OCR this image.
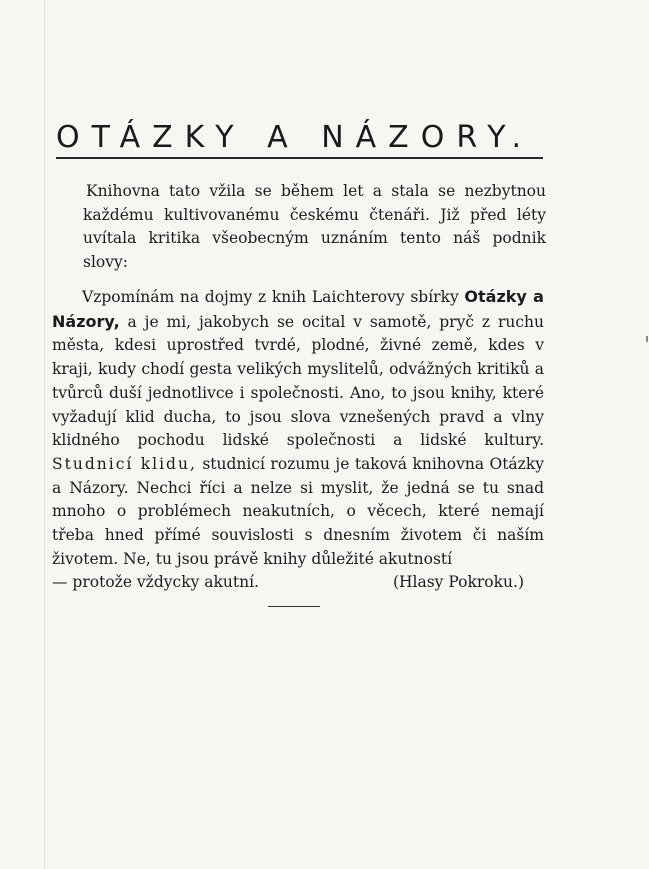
OTÁZKY A NÁZORY.

Knihovna tato vžila se během let a stala se nezbytnou každému kultivovanému českému čtenáři. Již před léty uvítala kritika všeobecným uznáním tento náš podnik slovy:

Vzpomínám na dojmy z knih Laichterovy sbírky Otázky a Názory, a je mi, jakobych se ocital v samotě, pryč z ruchu města, kdesi uprostřed tvrdé, plodné, živné země, kdes v kraji, kudy chodí gesta velikých myslitelů, odvážných kritiků a tvůrců duší jednotlivce i společnosti. Ano, to jsou knihy, které vyžadují klid ducha, to jsou slova vznešených pravd a vlny klidného pochodu lidské společnosti a lidské kultury. Studnicí klidu, studnicí rozumu je taková knihovna Otázky a Názory. Nechci říci a nelze si myslit, že jedná se tu snad mnoho o problémech neakutních, o věcech, které nemají třeba hned přímé souvislosti s dnesním životem či naším životem. Ne, tu jsou právě knihy důležité akutností
— protože vždycky akutní.	(Hlasy Pokroku.)
